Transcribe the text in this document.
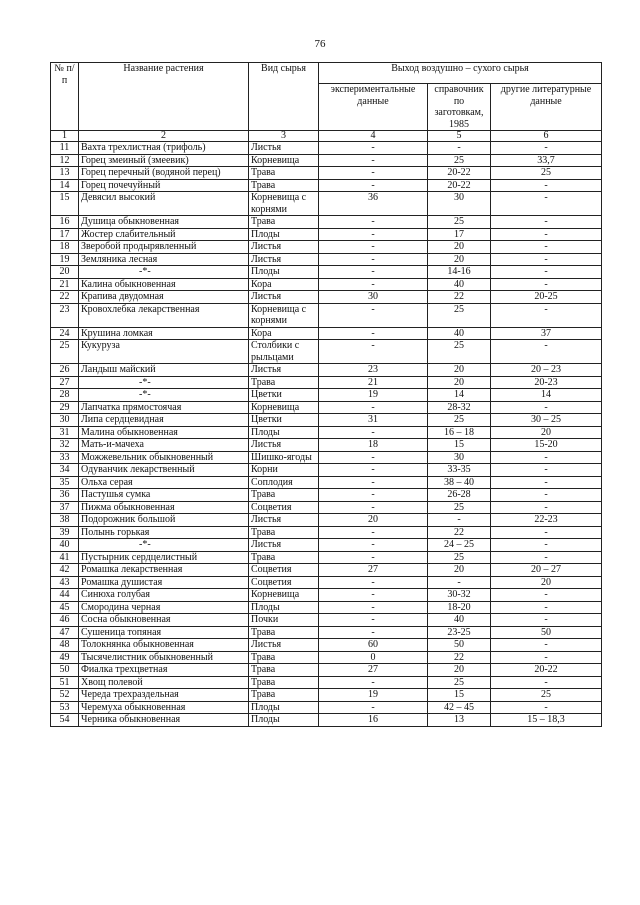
76
№ п/п	Название растения	Вид сырья	Выход воздушно – сухого сырья		
			экспериментальные данные	справочник по заготовкам, 1985	другие литературные данные
1	2	3	4	5	6
11	Вахта трехлистная (трифоль)	Листья	-	-	-
12	Горец змеиный (змеевик)	Корневища	-	25	33,7
13	Горец перечный (водяной перец)	Трава	-	20-22	25
14	Горец почечуйный	Трава	-	20-22	-
15	Девясил высокий	Корневища с корнями	36	30	-
16	Душица обыкновенная	Трава	-	25	-
17	Жостер слабительный	Плоды	-	17	-
18	Зверобой продырявленный	Листья	-	20	-
19	Земляника лесная	Листья	-	20	-
20	-*-	Плоды	-	14-16	-
21	Калина обыкновенная	Кора	-	40	-
22	Крапива двудомная	Листья	30	22	20-25
23	Кровохлебка лекарственная	Корневища с корнями	-	25	-
24	Крушина ломкая	Кора	-	40	37
25	Кукуруза	Столбики с рыльцами	-	25	-
26	Ландыш майский	Листья	23	20	20 – 23
27	-*-	Трава	21	20	20-23
28	-*-	Цветки	19	14	14
29	Лапчатка прямостоячая	Корневища	-	28-32	-
30	Липа сердцевидная	Цветки	31	25	30 – 25
31	Малина обыкновенная	Плоды	-	16 – 18	20
32	Мать-и-мачеха	Листья	18	15	15-20
33	Можжевельник обыкновенный	Шишко-ягоды	-	30	-
34	Одуванчик лекарственный	Корни	-	33-35	-
35	Ольха серая	Соплодия	-	38 – 40	-
36	Пастушья сумка	Трава	-	26-28	-
37	Пижма обыкновенная	Соцветия	-	25	-
38	Подорожник большой	Листья	20	-	22-23
39	Полынь горькая	Трава	-	22	-
40	-*-	Листья	-	24 – 25	-
41	Пустырник сердцелистный	Трава	-	25	-
42	Ромашка лекарственная	Соцветия	27	20	20 – 27
43	Ромашка душистая	Соцветия	-	-	20
44	Синюха голубая	Корневища	-	30-32	-
45	Смородина черная	Плоды	-	18-20	-
46	Сосна обыкновенная	Почки	-	40	-
47	Сушеница топяная	Трава	-	23-25	50
48	Толокнянка обыкновенная	Листья	60	50	-
49	Тысячелистник обыкновенный	Трава	0	22	-
50	Фиалка трехцветная	Трава	27	20	20-22
51	Хвощ полевой	Трава	-	25	-
52	Череда трехраздельная	Трава	19	15	25
53	Черемуха обыкновенная	Плоды	-	42 – 45	-
54	Черника обыкновенная	Плоды	16	13	15 – 18,3
